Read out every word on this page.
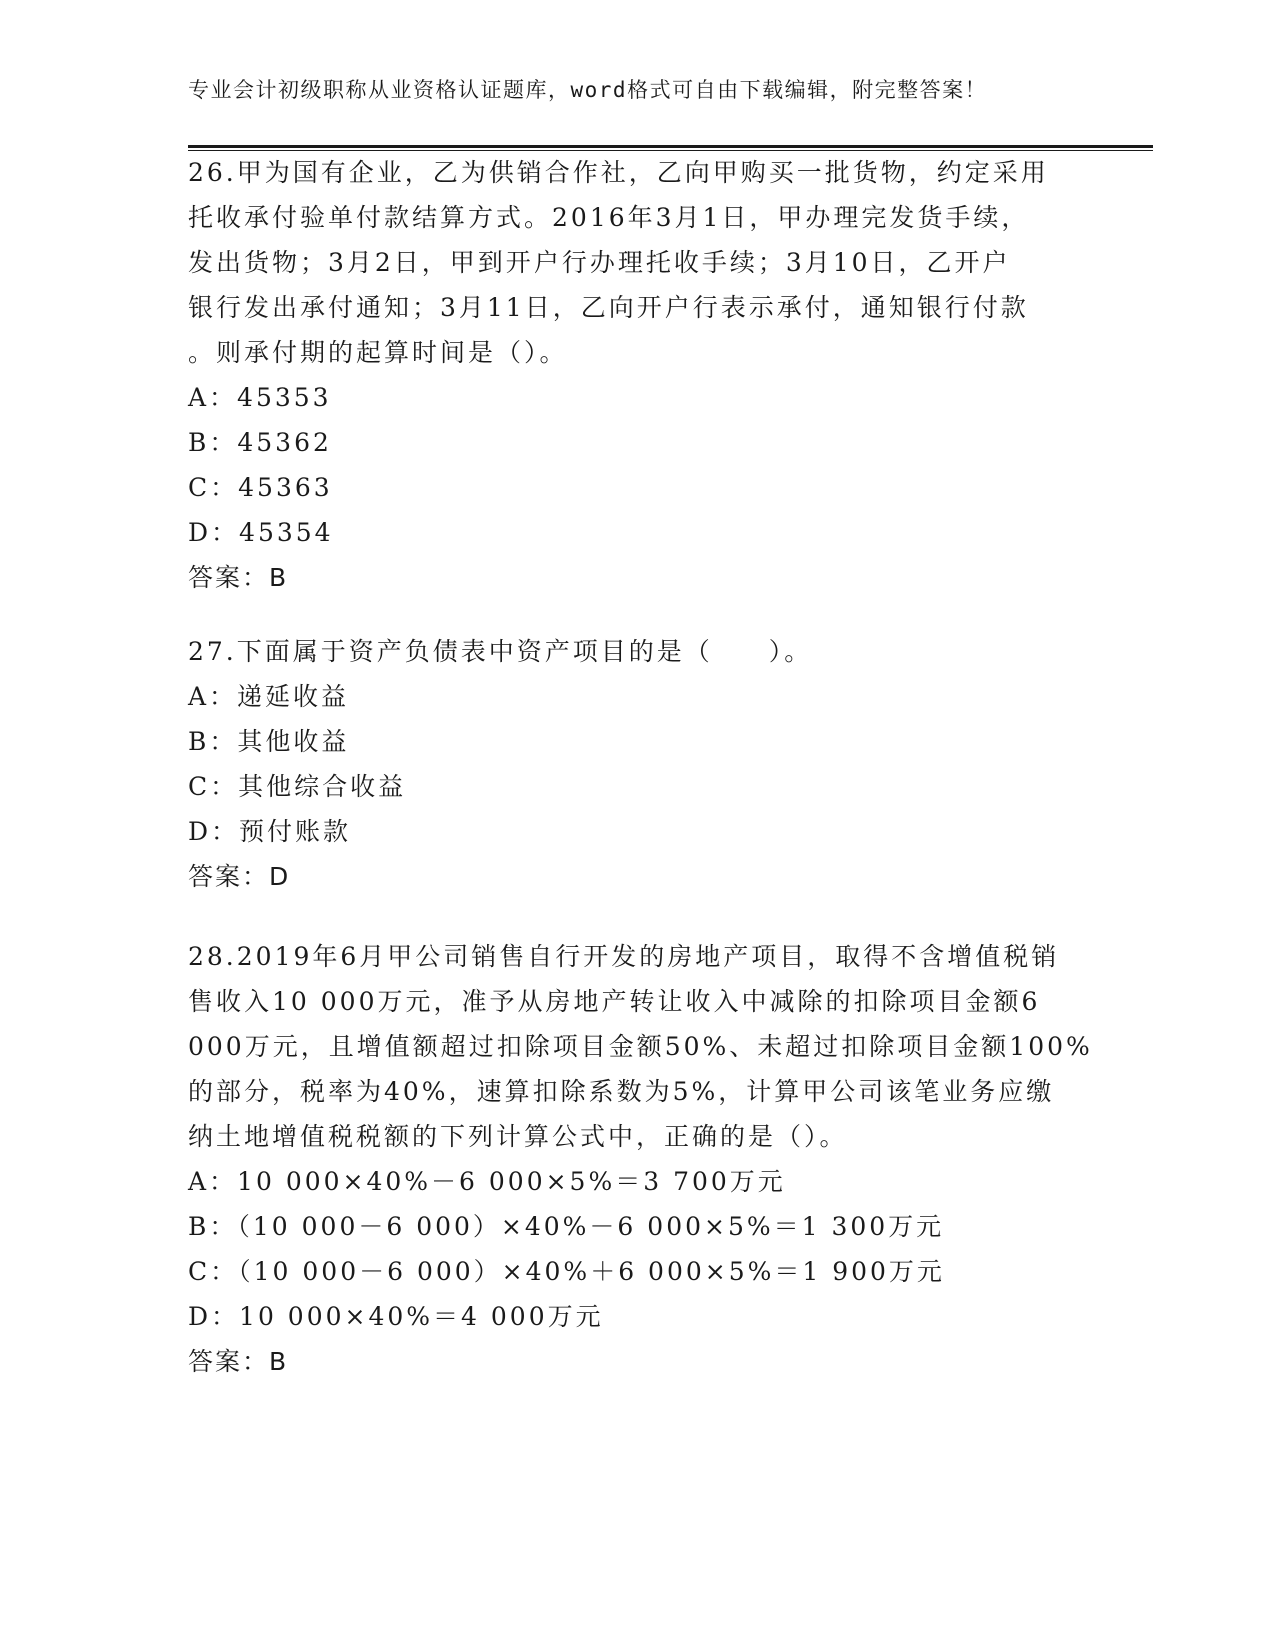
专业会计初级职称从业资格认证题库，word格式可自由下载编辑，附完整答案！
26.甲为国有企业，乙为供销合作社，乙向甲购买一批货物，约定采用
托收承付验单付款结算方式。2016年3月1日，甲办理完发货手续，
发出货物；3月2日，甲到开户行办理托收手续；3月10日，乙开户
银行发出承付通知；3月11日，乙向开户行表示承付，通知银行付款
。则承付期的起算时间是（）。
A：45353
B：45362
C：45363
D：45354
答案：B
27.下面属于资产负债表中资产项目的是（　　）。
A：递延收益
B：其他收益
C：其他综合收益
D：预付账款
答案：D
28.2019年6月甲公司销售自行开发的房地产项目，取得不含增值税销
售收入10 000万元，准予从房地产转让收入中减除的扣除项目金额6
000万元，且增值额超过扣除项目金额50%、未超过扣除项目金额100%
的部分，税率为40%，速算扣除系数为5%，计算甲公司该笔业务应缴
纳土地增值税税额的下列计算公式中，正确的是（）。
A：10 000×40%－6 000×5%＝3 700万元
B：（10 000－6 000）×40%－6 000×5%＝1 300万元
C：（10 000－6 000）×40%＋6 000×5%＝1 900万元
D：10 000×40%＝4 000万元
答案：B
